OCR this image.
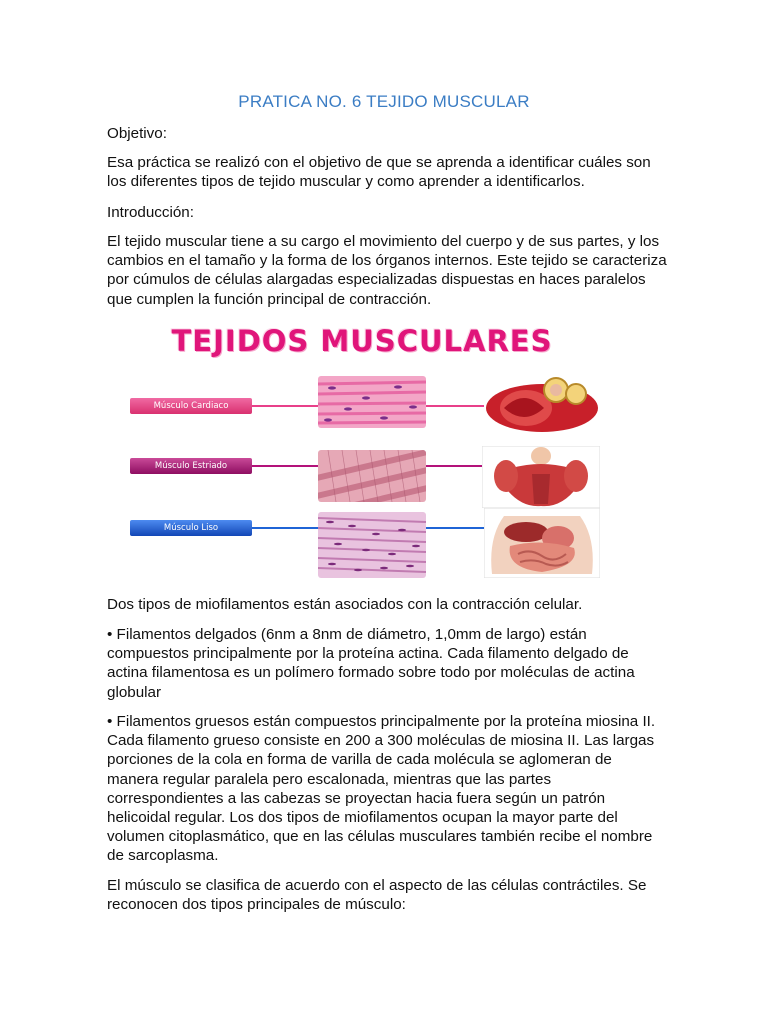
PRATICA NO. 6 TEJIDO MUSCULAR

Objetivo:

Esa práctica se realizó con el objetivo de que se aprenda a identificar cuáles son los diferentes tipos de tejido muscular y como aprender a identificarlos.

Introducción:

El tejido muscular tiene a su cargo el movimiento del cuerpo y de sus partes, y los cambios en el tamaño y la forma de los órganos internos. Este tejido se caracteriza por cúmulos de células alargadas especializadas dispuestas en haces paralelos que cumplen la función principal de contracción.

TEJIDOS MUSCULARES
Músculo Cardiaco
Músculo Estriado
Músculo Liso

Dos tipos de miofilamentos están asociados con la contracción celular.

• Filamentos delgados (6nm a 8nm de diámetro, 1,0mm de largo) están compuestos principalmente por la proteína actina. Cada filamento delgado de actina filamentosa es un polímero formado sobre todo por moléculas de actina globular

• Filamentos gruesos están compuestos principalmente por la proteína miosina II. Cada filamento grueso consiste en 200 a 300 moléculas de miosina II. Las largas porciones de la cola en forma de varilla de cada molécula se aglomeran de manera regular paralela pero escalonada, mientras que las partes correspondientes a las cabezas se proyectan hacia fuera según un patrón helicoidal regular. Los dos tipos de miofilamentos ocupan la mayor parte del volumen citoplasmático, que en las células musculares también recibe el nombre de sarcoplasma.

El músculo se clasifica de acuerdo con el aspecto de las células contráctiles. Se reconocen dos tipos principales de músculo:
